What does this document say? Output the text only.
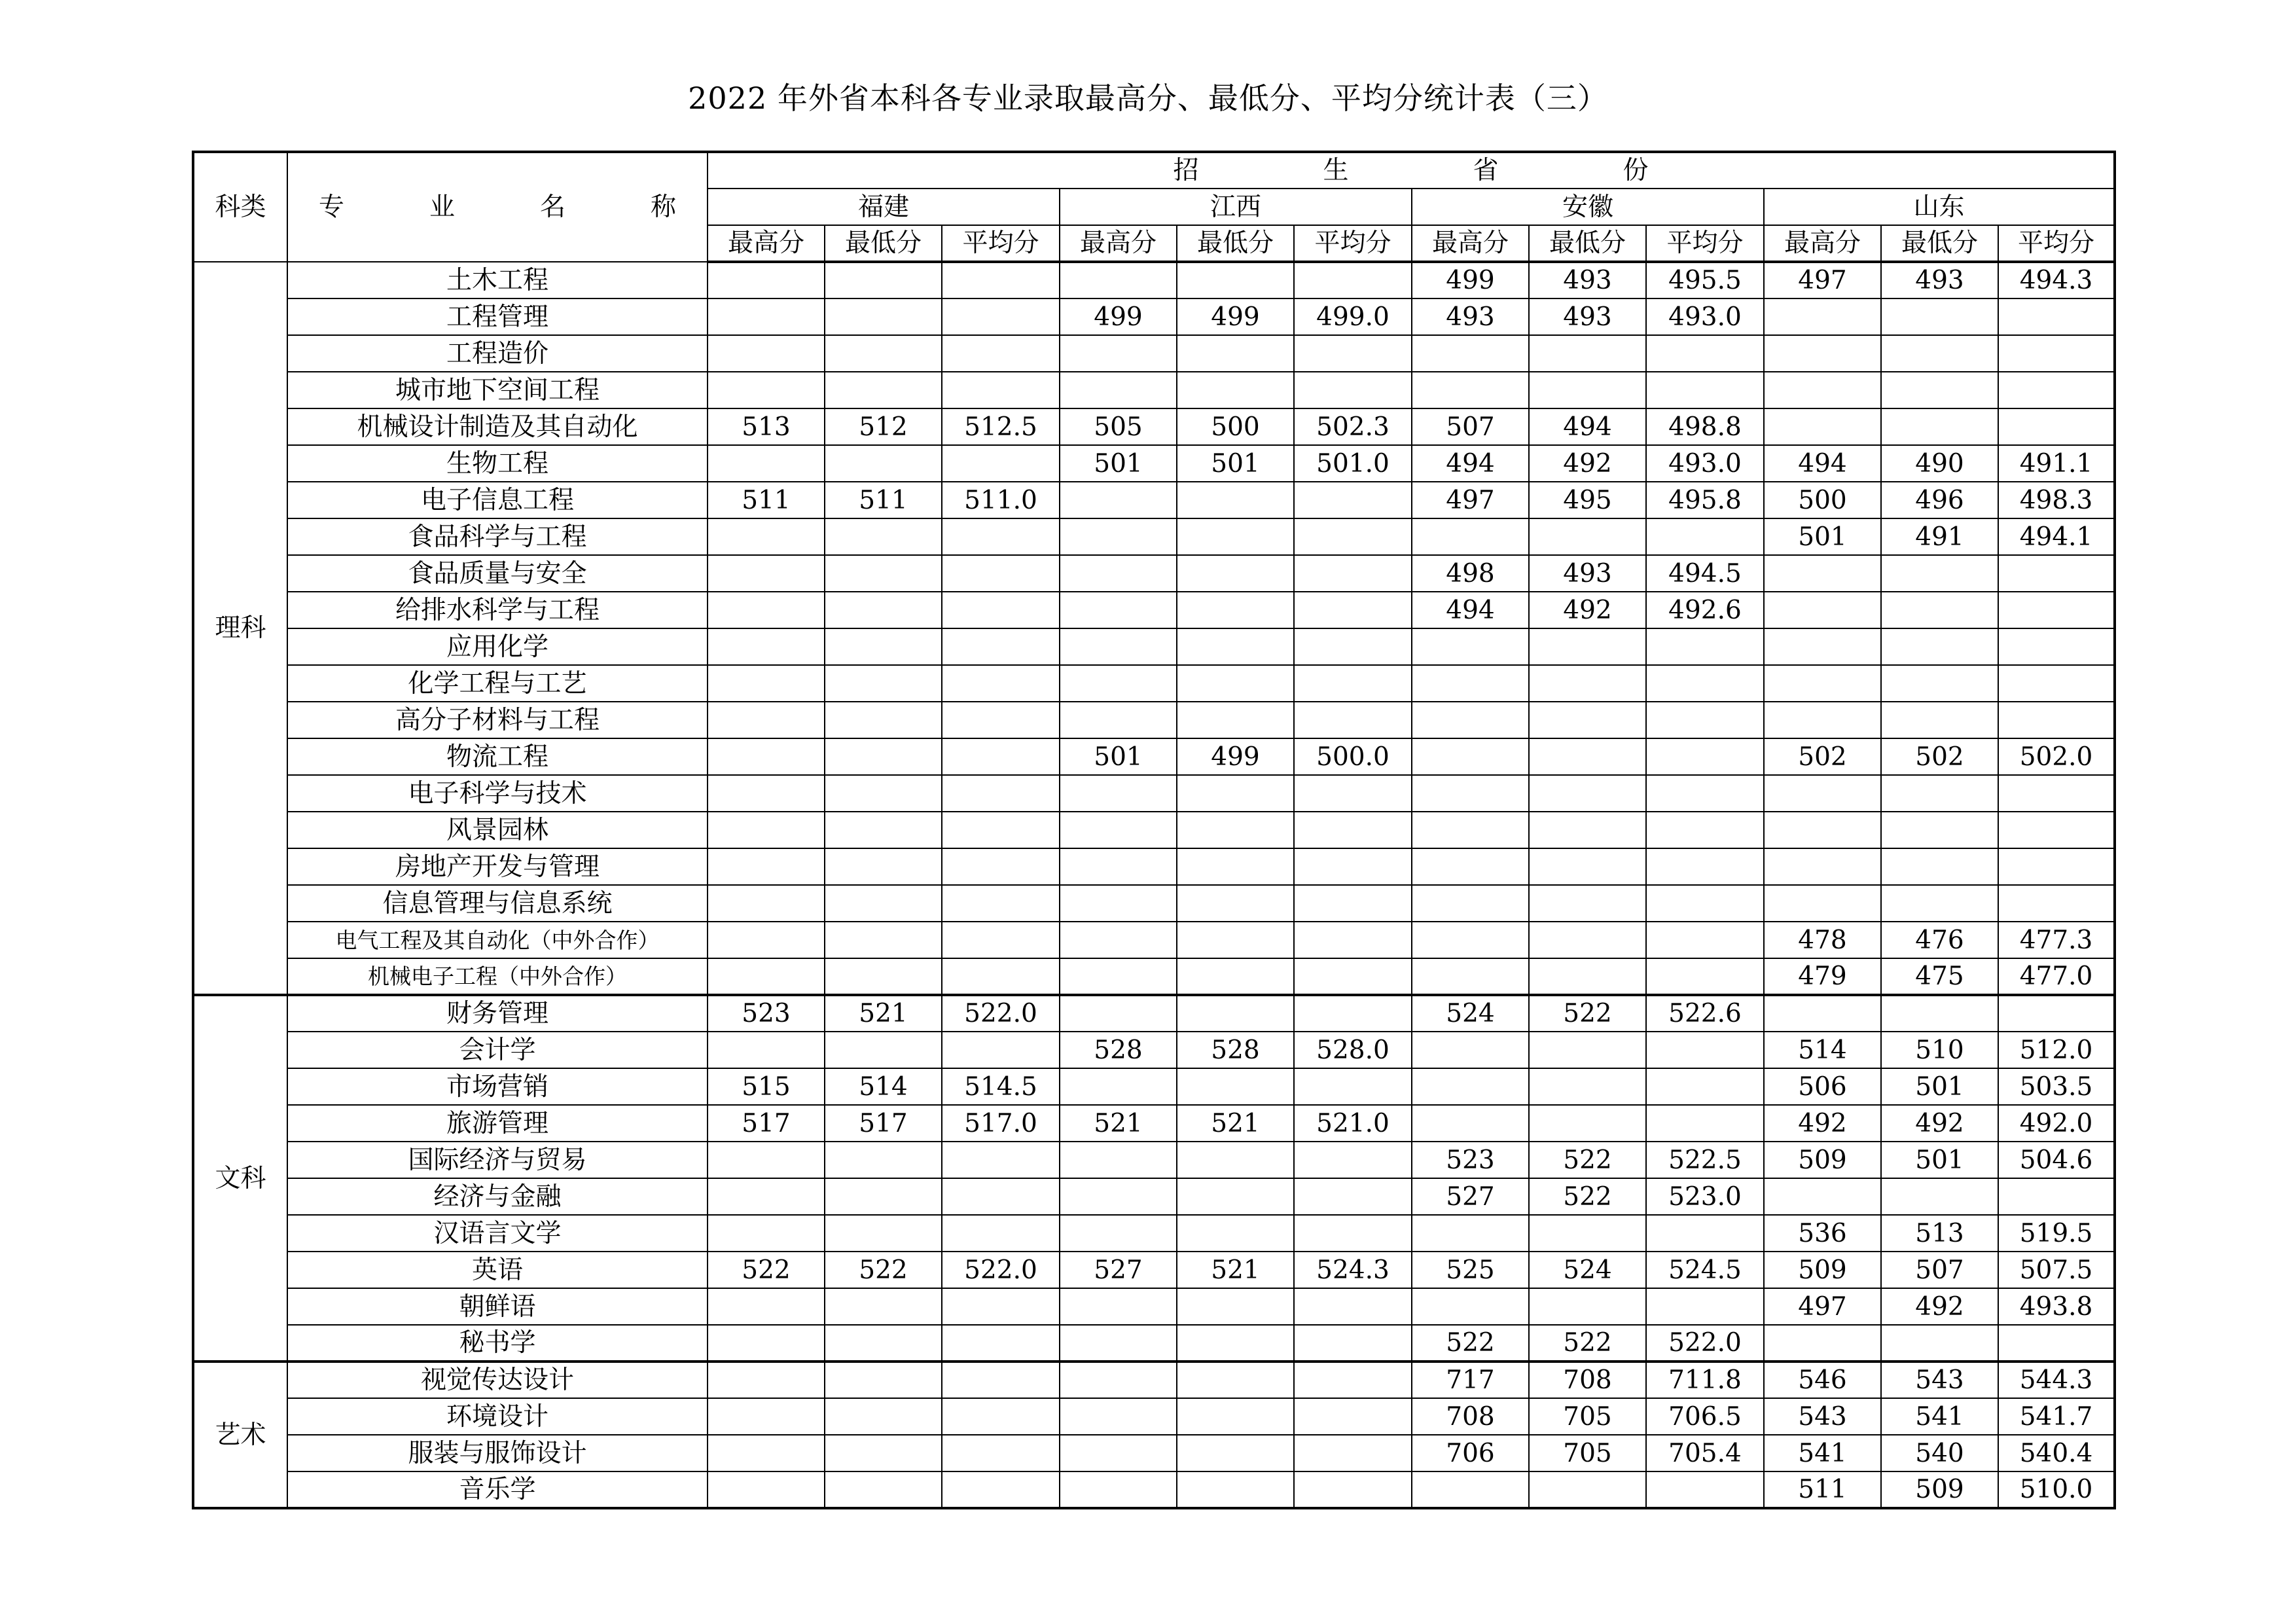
2022 年外省本科各专业录取最高分、最低分、平均分统计表（三）
科类	专 业 名 称	招 生 省 份											
		福建			江西			安徽			山东		
		最高分	最低分	平均分	最高分	最低分	平均分	最高分	最低分	平均分	最高分	最低分	平均分
理科	土木工程							499	493	495.5	497	493	494.3
	工程管理				499	499	499.0	493	493	493.0			
	工程造价												
	城市地下空间工程												
	机械设计制造及其自动化	513	512	512.5	505	500	502.3	507	494	498.8			
	生物工程				501	501	501.0	494	492	493.0	494	490	491.1
	电子信息工程	511	511	511.0				497	495	495.8	500	496	498.3
	食品科学与工程										501	491	494.1
	食品质量与安全							498	493	494.5			
	给排水科学与工程							494	492	492.6			
	应用化学												
	化学工程与工艺												
	高分子材料与工程												
	物流工程				501	499	500.0				502	502	502.0
	电子科学与技术												
	风景园林												
	房地产开发与管理												
	信息管理与信息系统												
	电气工程及其自动化（中外合作）										478	476	477.3
	机械电子工程（中外合作）										479	475	477.0
文科	财务管理	523	521	522.0				524	522	522.6			
	会计学				528	528	528.0				514	510	512.0
	市场营销	515	514	514.5							506	501	503.5
	旅游管理	517	517	517.0	521	521	521.0				492	492	492.0
	国际经济与贸易							523	522	522.5	509	501	504.6
	经济与金融							527	522	523.0			
	汉语言文学										536	513	519.5
	英语	522	522	522.0	527	521	524.3	525	524	524.5	509	507	507.5
	朝鲜语										497	492	493.8
	秘书学							522	522	522.0			
艺术	视觉传达设计							717	708	711.8	546	543	544.3
	环境设计							708	705	706.5	543	541	541.7
	服装与服饰设计							706	705	705.4	541	540	540.4
	音乐学										511	509	510.0
